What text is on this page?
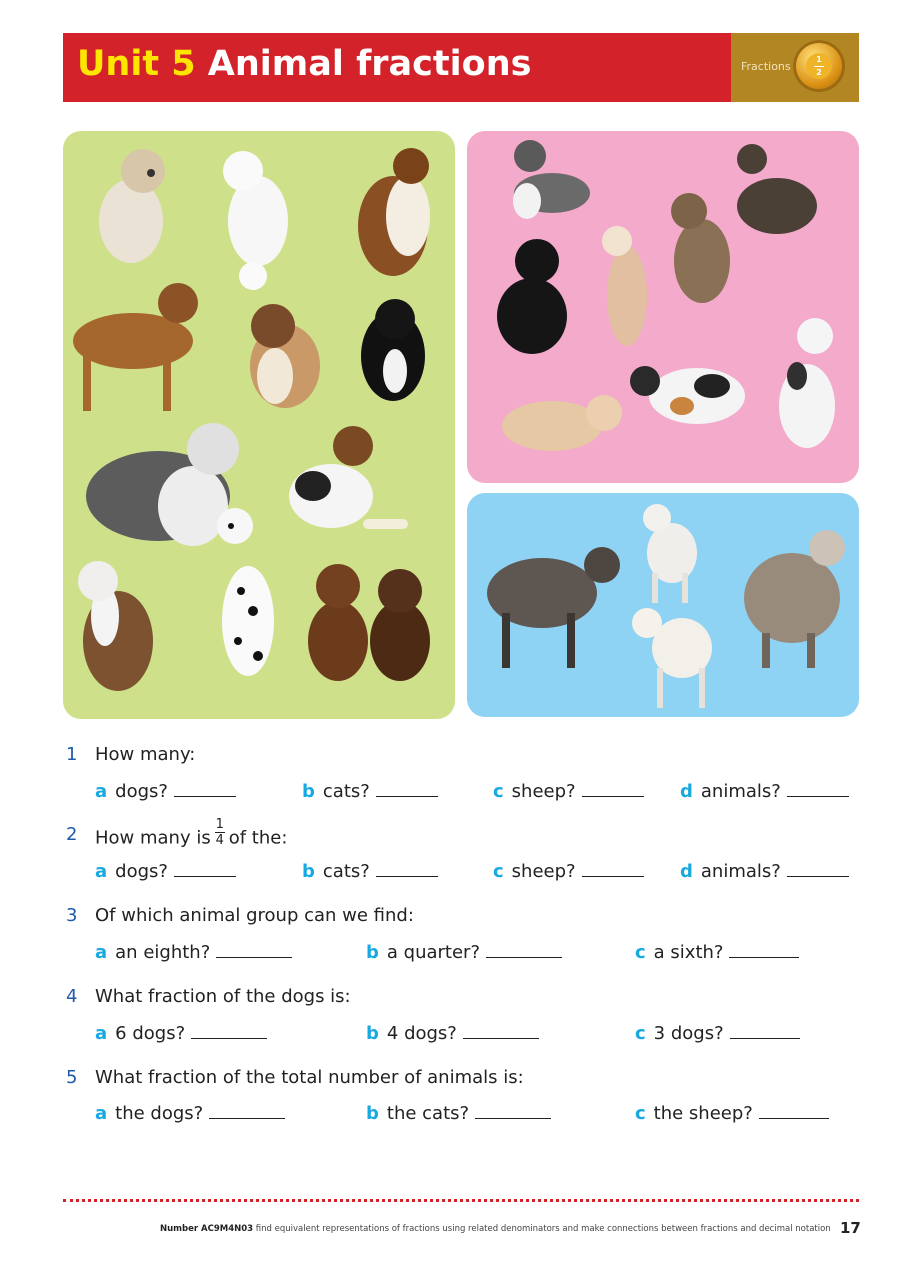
Unit 5 Animal fractions	Fractions
1
2
1 How many:
a dogs?	b cats?	c sheep?	d animals?
2 How many is $\frac{1}{4}$ of the:
a dogs?	b cats?	c sheep?	d animals?
3 Of which animal group can we find:
a an eighth?	b a quarter?	c a sixth?
4 What fraction of the dogs is:
a 6 dogs?	b 4 dogs?	c 3 dogs?
5 What fraction of the total number of animals is:
a the dogs?	b the cats?	c the sheep?
Number AC9M4N03 find equivalent representations of fractions using related denominators and make connections between fractions and decimal notation 17
